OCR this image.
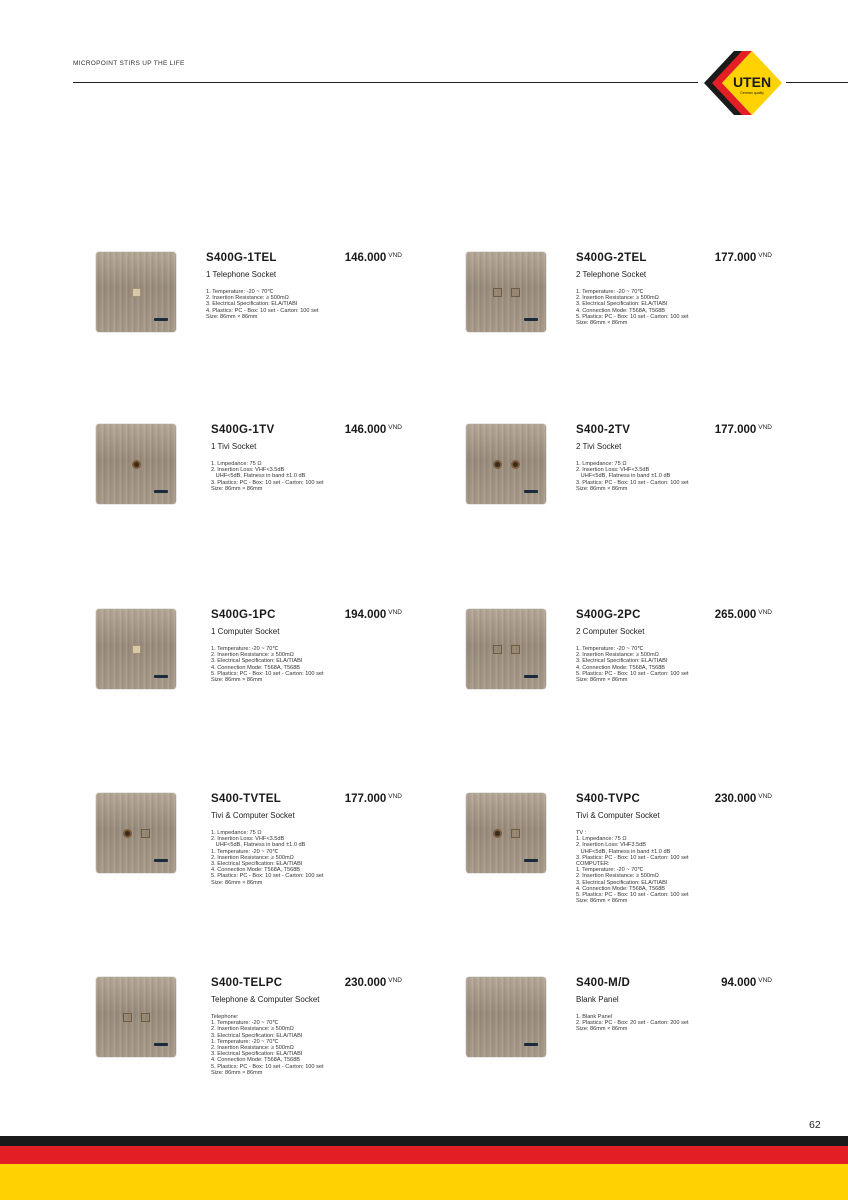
MICROPOINT STIRS UP THE LIFE
UTEN
German quality
S400G-1TEL	146.000 $^{VND}$
1 Telephone Socket
1. Temperature: -20 ~ 70℃
2. Insertion Resistance: ≥ 500mΩ
3. Electrical Specification: ELA/TIABI
4. Plastics: PC - Box: 10 set - Carton: 100 set
Size: 86mm × 86mm
S400G-2TEL	177.000 $^{VND}$
2 Telephone Socket
1. Temperature: -20 ~ 70℃
2. Insertion Resistance: ≥ 500mΩ
3. Electrical Specification: ELA/TIABI
4. Connection Mode: T568A, T568B
5. Plastics: PC - Box: 10 set - Carton: 100 set
Size: 86mm × 86mm
S400G-1TV	146.000 $^{VND}$
1 Tivi Socket
1. Lmpedance: 75 Ω
2. Insertion Loss: VHF<3.5dB
UHF<5dB, Flatness in band ±1.0 dB
3. Plastics: PC - Box: 10 set - Carton: 100 set
Size: 86mm × 86mm
S400-2TV	177.000 $^{VND}$
2 Tivi Socket
1. Lmpedance: 75 Ω
2. Insertion Loss: VHF<3.5dB
UHF<5dB, Flatness in band ±1.0 dB
3. Plastics: PC - Box: 10 set - Carton: 100 set
Size: 86mm × 86mm
S400G-1PC	194.000 $^{VND}$
1 Computer Socket
1. Temperature: -20 ~ 70℃
2. Insertion Resistance: ≥ 500mΩ
3. Electrical Specification: ELA/TIABI
4. Connection Mode: T568A, T568B
5. Plastics: PC - Box: 10 set - Carton: 100 set
Size: 86mm × 86mm
S400G-2PC	265.000 $^{VND}$
2 Computer Socket
1. Temperature: -20 ~ 70℃
2. Insertion Resistance: ≥ 500mΩ
3. Electrical Specification: ELA/TIABI
4. Connection Mode: T568A, T568B
5. Plastics: PC - Box: 10 set - Carton: 100 set
Size: 86mm × 86mm
S400-TVTEL	177.000 $^{VND}$
Tivi & Computer Socket
1. Lmpedance: 75 Ω
2. Insertion Loss: VHF<3.5dB
UHF<5dB, Flatness in band ±1.0 dB
1. Temperature: -20 ~ 70℃
2. Insertion Resistance: ≥ 500mΩ
3. Electrical Specification: ELA/TIABI
4. Connection Mode: T568A, T568B
5. Plastics: PC - Box: 10 set - Carton: 100 set
Size: 86mm × 86mm
S400-TVPC	230.000 $^{VND}$
Tivi & Computer Socket
TV :
1. Lmpedance: 75 Ω
2. Insertion Loss: VHF3.5dB
UHF<5dB, Flatness in band ±1.0 dB
3. Plastics: PC - Box: 10 set - Carton: 100 set
COMPUTER:
1. Temperature: -20 ~ 70℃
2. Insertion Resistance: ≥ 500mΩ
3. Electrical Specification: ELA/TIABI
4. Connection Mode: T568A, T568B
5. Plastics: PC - Box: 10 set - Carton: 100 set
Size: 86mm × 86mm
S400-TELPC	230.000 $^{VND}$
Telephone & Computer Socket
Telephone:
1. Temperature: -20 ~ 70℃
2. Insertion Resistance: ≥ 500mΩ
3. Electrical Specification: ELA/TIABI
1. Temperature: -20 ~ 70℃
2. Insertion Resistance: ≥ 500mΩ
3. Electrical Specification: ELA/TIABI
4. Connection Mode: T568A, T568B
5. Plastics: PC - Box: 10 set - Carton: 100 set
Size: 86mm × 86mm
S400-M/D	94.000 $^{VND}$
Blank Panel
1. Blank Panel
2. Plastics: PC - Box: 20 set - Carton: 200 set
Size: 86mm × 86mm
62
